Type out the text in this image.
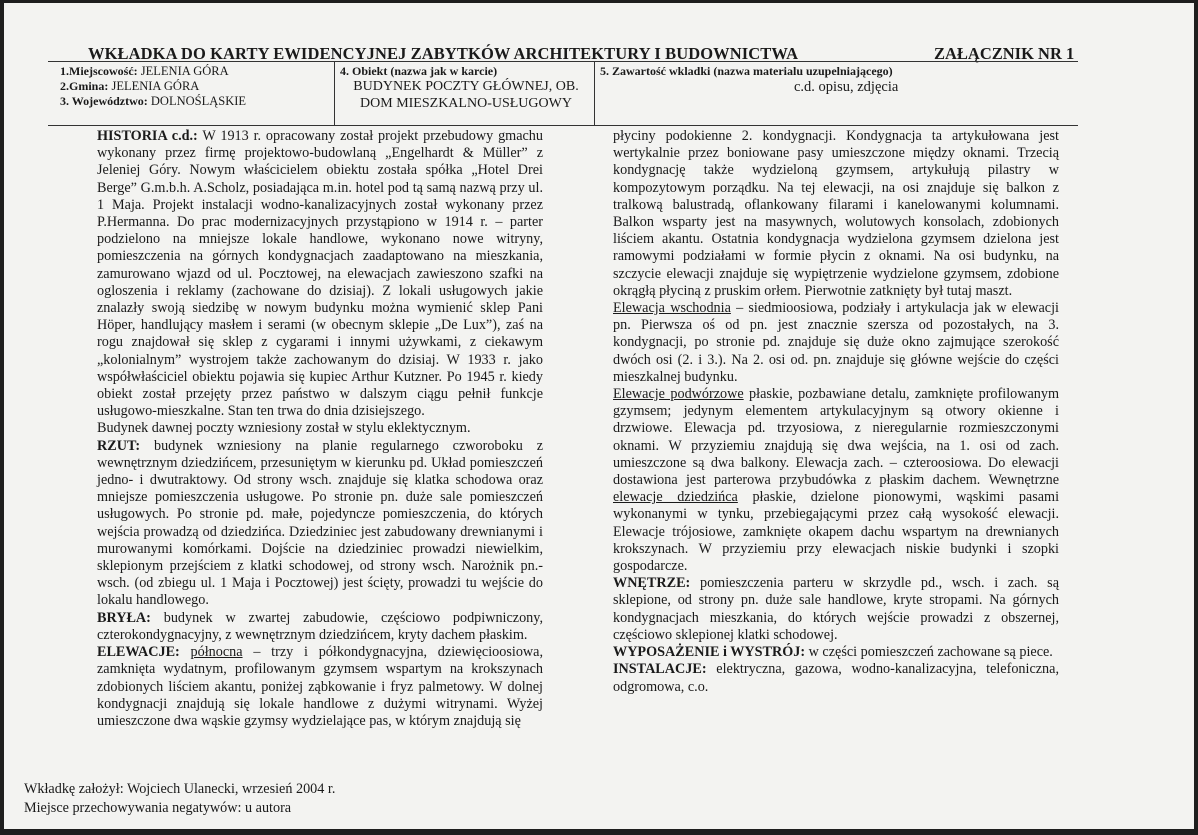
WKŁADKA DO KARTY EWIDENCYJNEJ ZABYTKÓW ARCHITEKTURY I BUDOWNICTWA	ZAŁĄCZNIK NR 1
1.Miejscowość: JELENIA GÓRA
2.Gmina: JELENIA GÓRA
3. Województwo: DOLNOŚLĄSKIE
4. Obiekt (nazwa jak w karcie)
BUDYNEK POCZTY GŁÓWNEJ, OB.
DOM MIESZKALNO-USŁUGOWY
5. Zawartość wkladki (nazwa materialu uzupelniającego)
c.d. opisu, zdjęcia

HISTORIA c.d.: W 1913 r. opracowany został projekt przebudowy gmachu wykonany przez firmę projektowo-budowlaną „Engelhardt & Müller” z Jeleniej Góry. Nowym właścicielem obiektu została spółka „Hotel Drei Berge” G.m.b.h. A.Scholz, posiadająca m.in. hotel pod tą samą nazwą przy ul. 1 Maja. Projekt instalacji wodno-kanalizacyjnych został wykonany przez P.Hermanna. Do prac modernizacyjnych przystąpiono w 1914 r. – parter podzielono na mniejsze lokale handlowe, wykonano nowe witryny, pomieszczenia na górnych kondygnacjach zaadaptowano na mieszkania, zamurowano wjazd od ul. Pocztowej, na elewacjach zawieszono szafki na ogloszenia i reklamy (zachowane do dzisiaj). Z lokali usługowych jakie znalazły swoją siedzibę w nowym budynku można wymienić sklep Pani Höper, handlujący masłem i serami (w obecnym sklepie „De Lux”), zaś na rogu znajdował się sklep z cygarami i innymi używkami, z ciekawym „kolonialnym” wystrojem także zachowanym do dzisiaj. W 1933 r. jako współwłaściciel obiektu pojawia się kupiec Arthur Kutzner. Po 1945 r. kiedy obiekt został przejęty przez państwo w dalszym ciągu pełnił funkcje usługowo-mieszkalne. Stan ten trwa do dnia dzisiejszego.

Budynek dawnej poczty wzniesiony został w stylu eklektycznym.

RZUT: budynek wzniesiony na planie regularnego czworoboku z wewnętrznym dziedzińcem, przesuniętym w kierunku pd. Układ pomieszczeń jedno- i dwutraktowy. Od strony wsch. znajduje się klatka schodowa oraz mniejsze pomieszczenia usługowe. Po stronie pn. duże sale pomieszczeń usługowych. Po stronie pd. małe, pojedyncze pomieszczenia, do których wejścia prowadzą od dziedzińca. Dziedziniec jest zabudowany drewnianymi i murowanymi komórkami. Dojście na dziedziniec prowadzi niewielkim, sklepionym przejściem z klatki schodowej, od strony wsch. Narożnik pn.-wsch. (od zbiegu ul. 1 Maja i Pocztowej) jest ścięty, prowadzi tu wejście do lokalu handlowego.

BRYŁA: budynek w zwartej zabudowie, częściowo podpiwniczony, czterokondygnacyjny, z wewnętrznym dziedzińcem, kryty dachem płaskim.

ELEWACJE: północna – trzy i półkondygnacyjna, dziewięcioosiowa, zamknięta wydatnym, profilowanym gzymsem wspartym na krokszynach zdobionych liściem akantu, poniżej ząbkowanie i fryz palmetowy. W dolnej kondygnacji znajdują się lokale handlowe z dużymi witrynami. Wyżej umieszczone dwa wąskie gzymsy wydzielające pas, w którym znajdują się

płyciny podokienne 2. kondygnacji. Kondygnacja ta artykułowana jest wertykalnie przez boniowane pasy umieszczone między oknami. Trzecią kondygnację także wydzieloną gzymsem, artykułują pilastry w kompozytowym porządku. Na tej elewacji, na osi znajduje się balkon z tralkową balustradą, oflankowany filarami i kanelowanymi kolumnami. Balkon wsparty jest na masywnych, wolutowych konsolach, zdobionych liściem akantu. Ostatnia kondygnacja wydzielona gzymsem dzielona jest ramowymi podziałami w formie płycin z oknami. Na osi budynku, na szczycie elewacji znajduje się wypiętrzenie wydzielone gzymsem, zdobione okrągłą płyciną z pruskim orłem. Pierwotnie zatknięty był tutaj maszt.

Elewacja wschodnia – siedmioosiowa, podziały i artykulacja jak w elewacji pn. Pierwsza oś od pn. jest znacznie szersza od pozostałych, na 3. kondygnacji, po stronie pd. znajduje się duże okno zajmujące szerokość dwóch osi (2. i 3.). Na 2. osi od. pn. znajduje się główne wejście do części mieszkalnej budynku.

Elewacje podwórzowe płaskie, pozbawiane detalu, zamknięte profilowanym gzymsem; jedynym elementem artykulacyjnym są otwory okienne i drzwiowe. Elewacja pd. trzyosiowa, z nieregularnie rozmieszczonymi oknami. W przyziemiu znajdują się dwa wejścia, na 1. osi od zach. umieszczone są dwa balkony. Elewacja zach. – czteroosiowa. Do elewacji dostawiona jest parterowa przybudówka z płaskim dachem. Wewnętrzne elewacje dziedzińca płaskie, dzielone pionowymi, wąskimi pasami wykonanymi w tynku, przebiegającymi przez całą wysokość elewacji. Elewacje trójosiowe, zamknięte okapem dachu wspartym na drewnianych krokszynach. W przyziemiu przy elewacjach niskie budynki i szopki gospodarcze.

WNĘTRZE: pomieszczenia parteru w skrzydle pd., wsch. i zach. są sklepione, od strony pn. duże sale handlowe, kryte stropami. Na górnych kondygnacjach mieszkania, do których wejście prowadzi z obszernej, częściowo sklepionej klatki schodowej.

WYPOSAŻENIE i WYSTRÓJ: w części pomieszczeń zachowane są piece.

INSTALACJE: elektryczna, gazowa, wodno-kanalizacyjna, telefoniczna, odgromowa, c.o.

Wkładkę założył: Wojciech Ulanecki, wrzesień 2004 r.
Miejsce przechowywania negatywów: u autora
